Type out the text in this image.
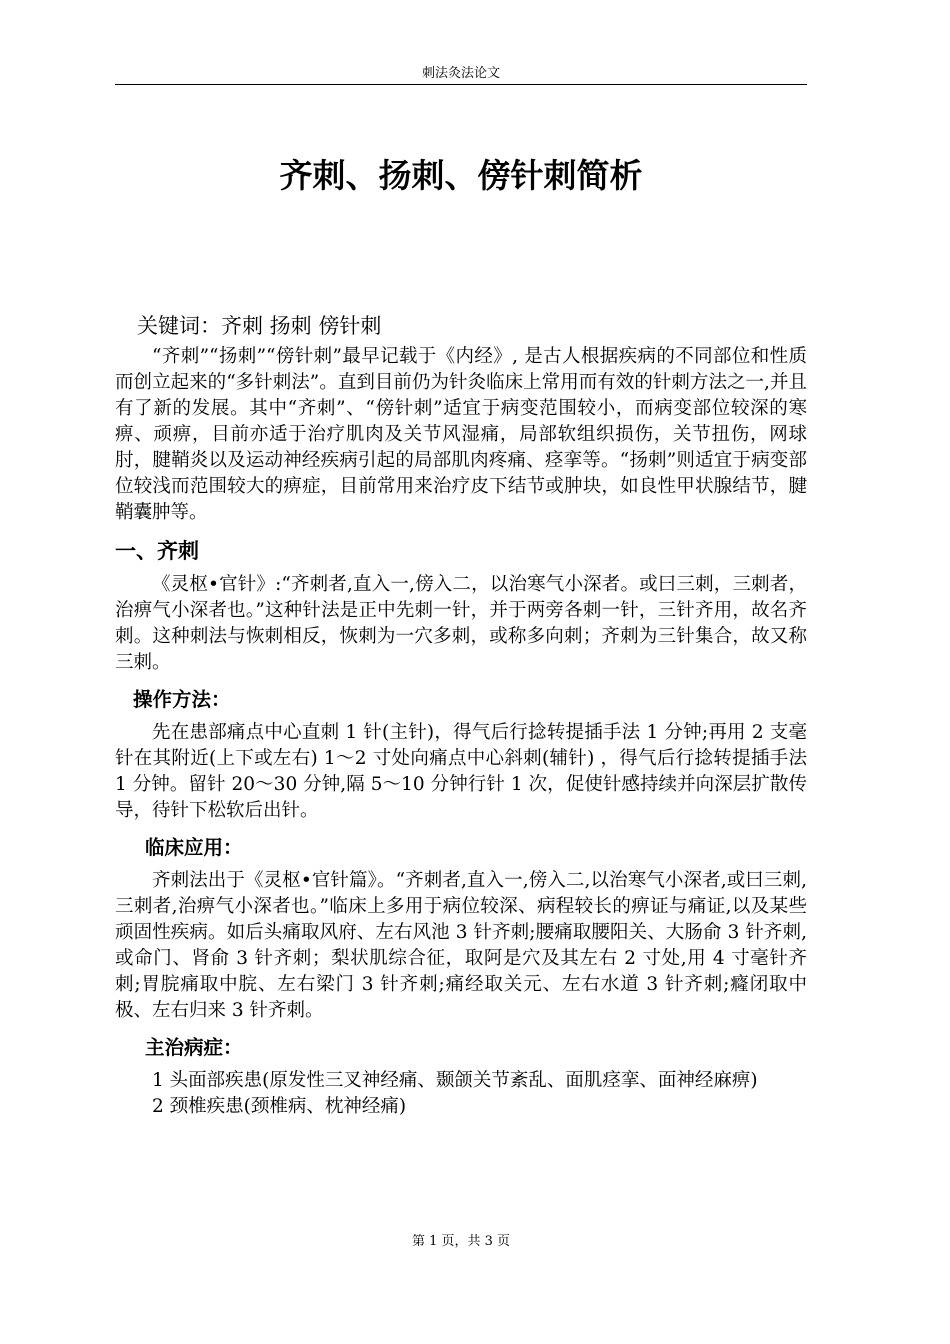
刺法灸法论文
齐刺、扬刺、傍针刺简析

关键词：齐刺 扬刺 傍针刺

“齐刺”“扬刺”“傍针刺”最早记载于《内经》, 是古人根据疾病的不同部位和性质而创立起来的“多针刺法”。直到目前仍为针灸临床上常用而有效的针刺方法之一,并且有了新的发展。其中“齐刺”、“傍针刺”适宜于病变范围较小，而病变部位较深的寒痹、顽痹，目前亦适于治疗肌肉及关节风湿痛，局部软组织损伤，关节扭伤，网球肘，腱鞘炎以及运动神经疾病引起的局部肌肉疼痛、痉挛等。“扬刺”则适宜于病变部位较浅而范围较大的痹症，目前常用来治疗皮下结节或肿块，如良性甲状腺结节，腱鞘囊肿等。

一、齐刺

《灵枢•官针》:“齐刺者,直入一,傍入二，以治寒气小深者。或曰三刺，三刺者，治痹气小深者也。”这种针法是正中先刺一针，并于两旁各刺一针，三针齐用，故名齐刺。这种刺法与恢刺相反，恢刺为一穴多刺，或称多向刺；齐刺为三针集合，故又称三刺。

操作方法：

先在患部痛点中心直刺 1 针(主针)，得气后行捻转提插手法 1 分钟;再用 2 支毫针在其附近(上下或左右) 1～2 寸处向痛点中心斜刺(辅针) ，得气后行捻转提插手法 1 分钟。留针 20～30 分钟,隔 5～10 分钟行针 1 次，促使针感持续并向深层扩散传导，待针下松软后出针。

临床应用：

齐刺法出于《灵枢•官针篇》。“齐刺者,直入一,傍入二,以治寒气小深者,或曰三刺,三刺者,治痹气小深者也。”临床上多用于病位较深、病程较长的痹证与痛证,以及某些顽固性疾病。如后头痛取风府、左右风池 3 针齐刺;腰痛取腰阳关、大肠俞 3 针齐刺,或命门、肾俞 3 针齐刺；梨状肌综合征，取阿是穴及其左右 2 寸处,用 4 寸毫针齐刺;胃脘痛取中脘、左右梁门 3 针齐刺;痛经取关元、左右水道 3 针齐刺;癃闭取中极、左右归来 3 针齐刺。

主治病症：

1 头面部疾患(原发性三叉神经痛、颞颌关节紊乱、面肌痉挛、面神经麻痹)

2 颈椎疾患(颈椎病、枕神经痛)

第 1 页，共 3 页
